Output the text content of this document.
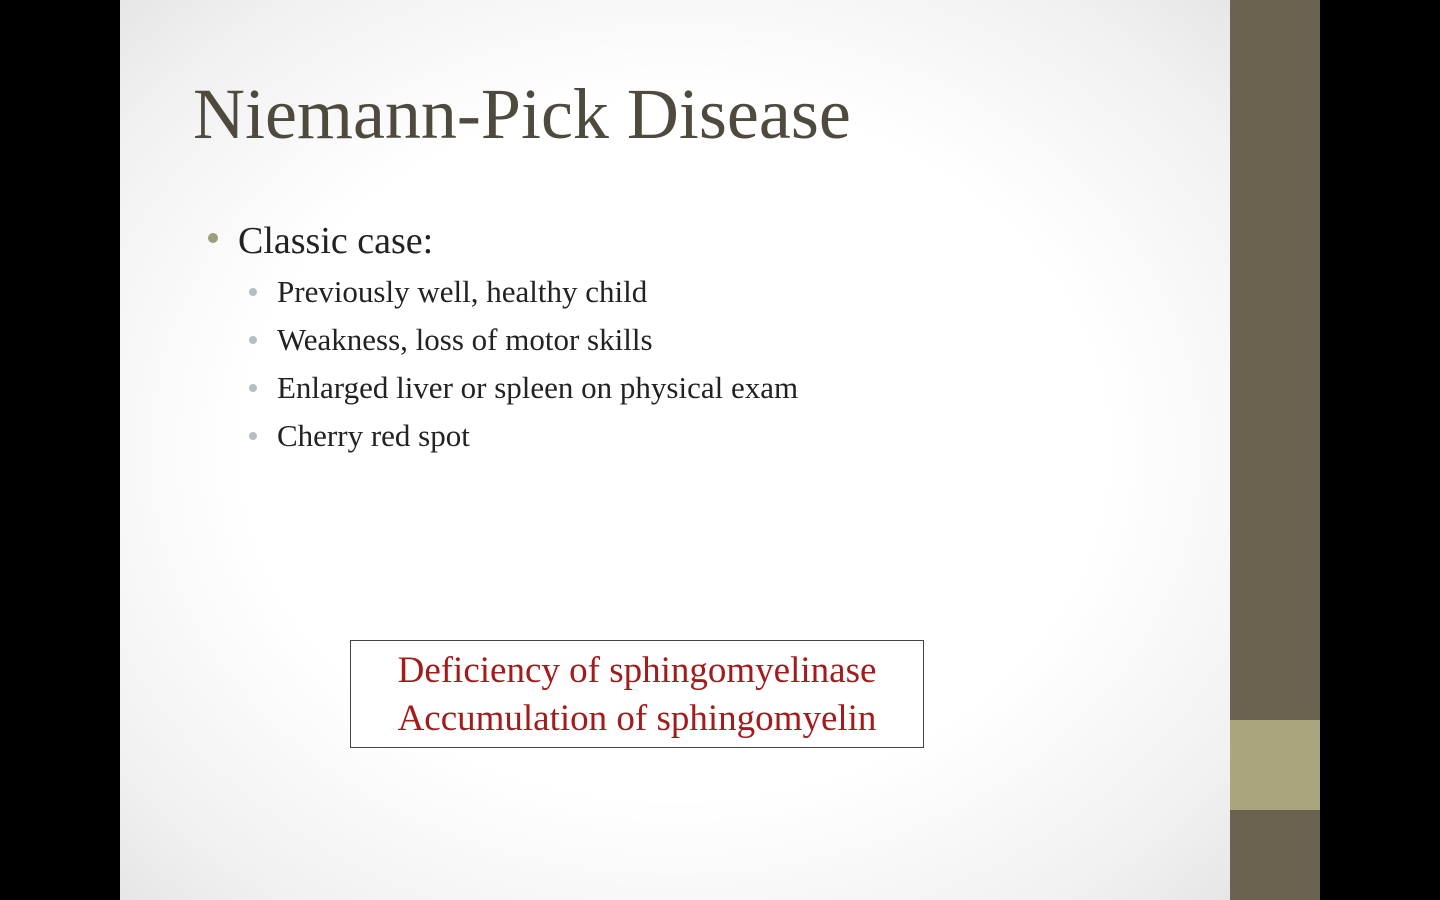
Niemann-Pick Disease
Classic case:
Previously well, healthy child
Weakness, loss of motor skills
Enlarged liver or spleen on physical exam
Cherry red spot
Deficiency of sphingomyelinase
Accumulation of sphingomyelin
